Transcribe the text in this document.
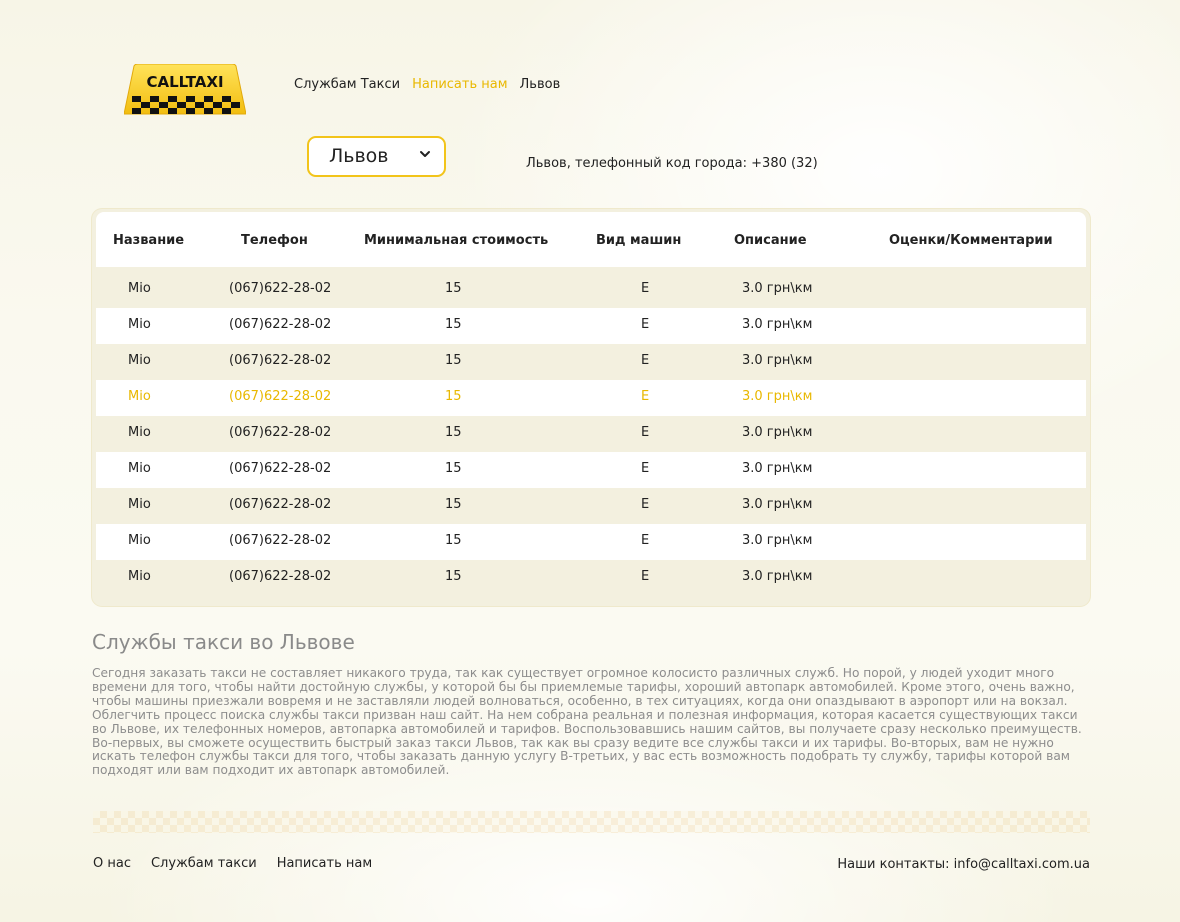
CALLTAXI	Службам Такси Написать нам Львов
Львов	Львов, телефонный код города: +380 (32)
Название	Телефон	Минимальная стоимость	Вид машин	Описание	Оценки/Комментарии
Mio	(067)622-28-02	15	E	3.0 грн\км
Mio	(067)622-28-02	15	E	3.0 грн\км
Mio	(067)622-28-02	15	E	3.0 грн\км
Mio	(067)622-28-02	15	E	3.0 грн\км
Mio	(067)622-28-02	15	E	3.0 грн\км
Mio	(067)622-28-02	15	E	3.0 грн\км
Mio	(067)622-28-02	15	E	3.0 грн\км
Mio	(067)622-28-02	15	E	3.0 грн\км
Mio	(067)622-28-02	15	E	3.0 грн\км
Службы такси во Львове

Сегодня заказать такси не составляет никакого труда, так как существует огромное колосисто различных служб. Но порой, у людей уходит много времени для того, чтобы найти достойную службы, у которой бы бы приемлемые тарифы, хороший автопарк автомобилей. Кроме этого, очень важно, чтобы машины приезжали вовремя и не заставляли людей волноваться, особенно, в тех ситуациях, когда они опаздывают в аэропорт или на вокзал. Облегчить процесс поиска службы такси призван наш сайт. На нем собрана реальная и полезная информация, которая касается существующих такси во Львове, их телефонных номеров, автопарка автомобилей и тарифов. Воспользовавшись нашим сайтов, вы получаете сразу несколько преимуществ. Во-первых, вы сможете осуществить быстрый заказ такси Львов, так как вы сразу ведите все службы такси и их тарифы. Во-вторых, вам не нужно искать телефон службы такси для того, чтобы заказать данную услугу В-третьих, у вас есть возможность подобрать ту службу, тарифы которой вам подходят или вам подходит их автопарк автомобилей.

О нас Службам такси Написать нам	Наши контакты: info@calltaxi.com.ua
